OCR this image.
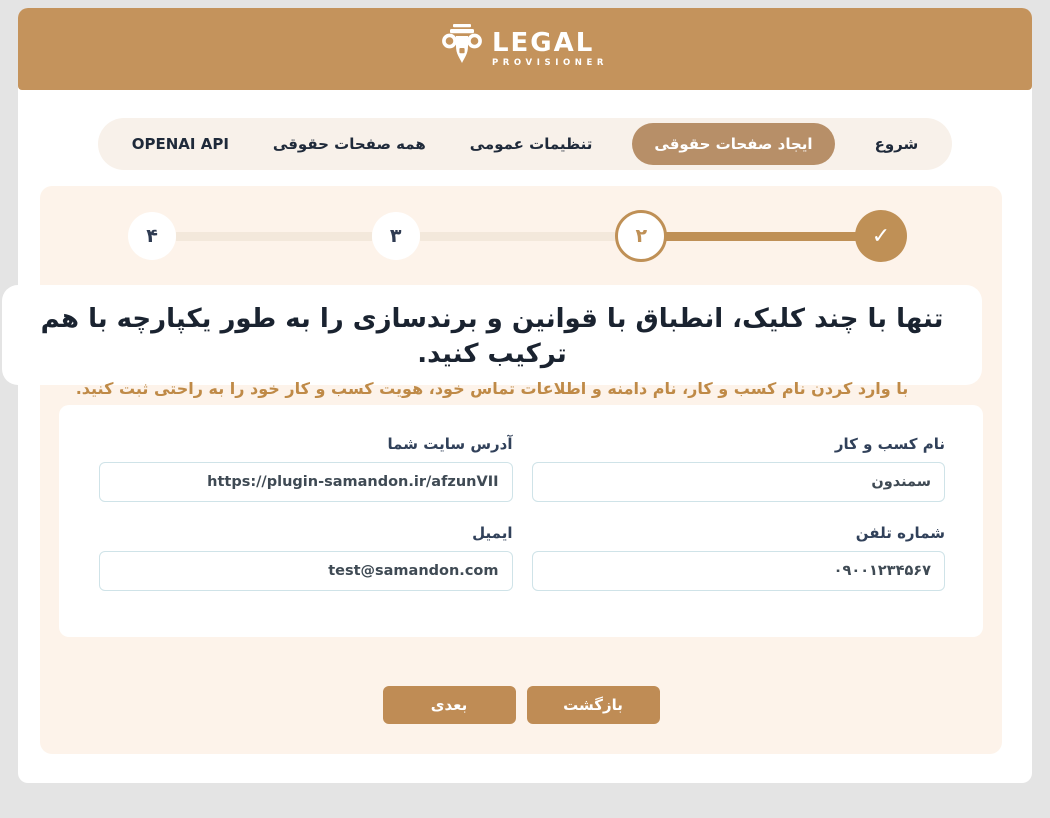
LEGAL
PROVISIONER
شروع
ایجاد صفحات حقوقی
تنظیمات عمومی
همه صفحات حقوقی
OPENAI API
✓
۲
۳
۴
تنها با چند کلیک، انطباق با قوانین و برندسازی را به طور یکپارچه با هم ترکیب کنید.
با وارد کردن نام کسب و کار، نام دامنه و اطلاعات تماس خود، هویت کسب و کار خود را به راحتی ثبت کنید.
نام کسب و کار
سمندون
آدرس سایت شما
https://plugin-samandon.ir/afzunVII
شماره تلفن
۰۹۰۰۱۲۳۴۵۶۷
ایمیل
test@samandon.com
بازگشت
بعدی
